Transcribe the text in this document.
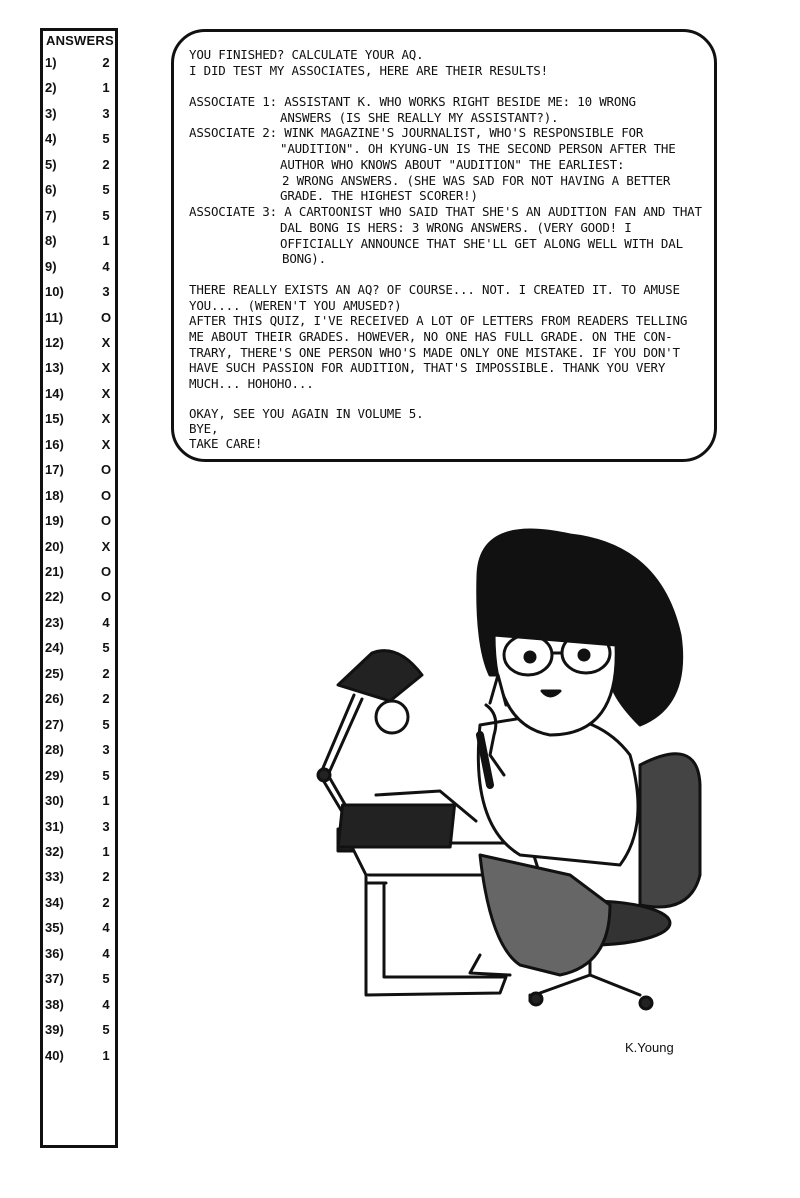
ANSWERS:
1)	2
2)	1
3)	3
4)	5
5)	2
6)	5
7)	5
8)	1
9)	4
10)	3
11)	O
12)	X
13)	X
14)	X
15)	X
16)	X
17)	O
18)	O
19)	O
20)	X
21)	O
22)	O
23)	4
24)	5
25)	2
26)	2
27)	5
28)	3
29)	5
30)	1
31)	3
32)	1
33)	2
34)	2
35)	4
36)	4
37)	5
38)	4
39)	5
40)	1
YOU FINISHED? CALCULATE YOUR AQ.
I DID TEST MY ASSOCIATES, HERE ARE THEIR RESULTS!
ASSOCIATE 1: ASSISTANT K. WHO WORKS RIGHT BESIDE ME: 10 WRONG
ANSWERS (IS SHE REALLY MY ASSISTANT?).
ASSOCIATE 2: WINK MAGAZINE'S JOURNALIST, WHO'S RESPONSIBLE FOR
"AUDITION". OH KYUNG-UN IS THE SECOND PERSON AFTER THE
AUTHOR WHO KNOWS ABOUT "AUDITION" THE EARLIEST:
2 WRONG ANSWERS. (SHE WAS SAD FOR NOT HAVING A BETTER
GRADE. THE HIGHEST SCORER!)
ASSOCIATE 3: A CARTOONIST WHO SAID THAT SHE'S AN AUDITION FAN AND THAT
DAL BONG IS HERS: 3 WRONG ANSWERS. (VERY GOOD! I
OFFICIALLY ANNOUNCE THAT SHE'LL GET ALONG WELL WITH DAL
BONG).
THERE REALLY EXISTS AN AQ? OF COURSE... NOT. I CREATED IT. TO AMUSE
YOU.... (WEREN'T YOU AMUSED?)
AFTER THIS QUIZ, I'VE RECEIVED A LOT OF LETTERS FROM READERS TELLING
ME ABOUT THEIR GRADES. HOWEVER, NO ONE HAS FULL GRADE. ON THE CON-
TRARY, THERE'S ONE PERSON WHO'S MADE ONLY ONE MISTAKE. IF YOU DON'T
HAVE SUCH PASSION FOR AUDITION, THAT'S IMPOSSIBLE. THANK YOU VERY
MUCH... HOHOHO...
OKAY, SEE YOU AGAIN IN VOLUME 5.
BYE,
TAKE CARE!
K.Young
